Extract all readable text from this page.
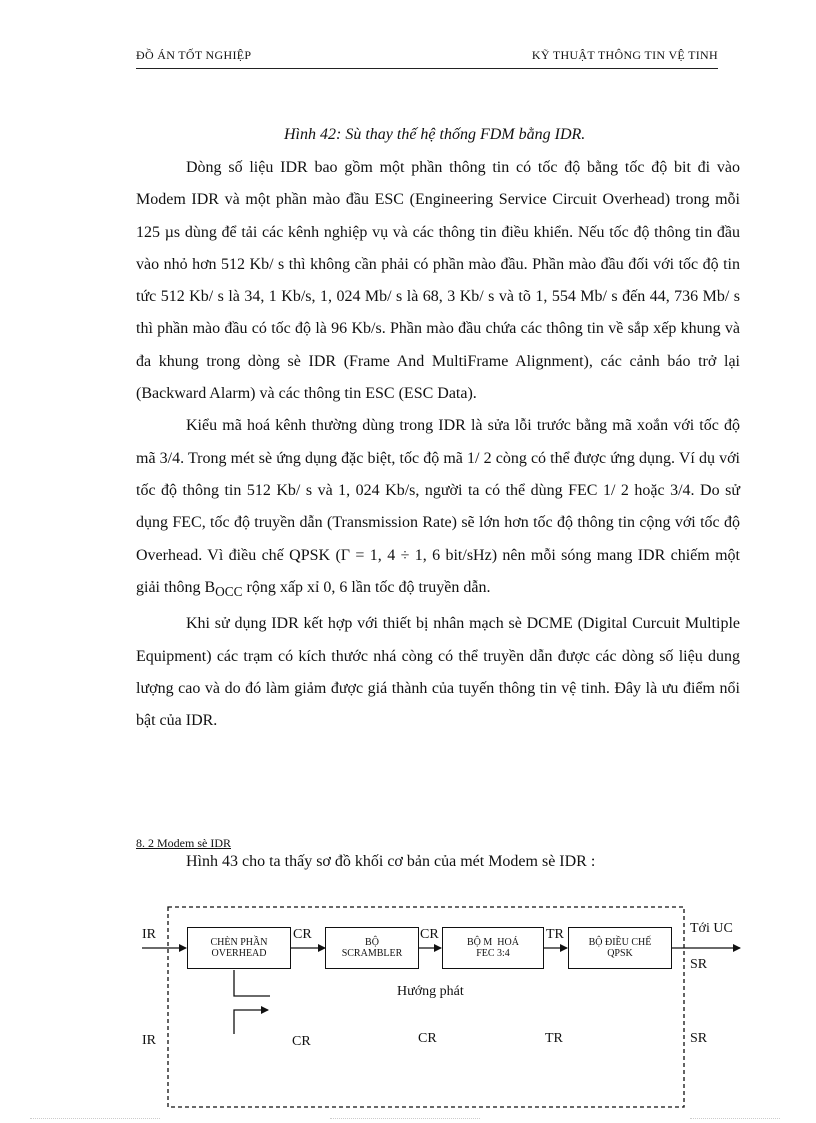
ĐỒ ÁN TỐT NGHIỆP	KỸ THUẬT THÔNG TIN VỆ TINH
Hình 42: Sù thay thế hệ thống FDM bằng IDR.

Dòng số liệu IDR bao gồm một phần thông tin có tốc độ bằng tốc độ bit đi vào Modem IDR và một phần mào đầu ESC (Engineering Service Circuit Overhead) trong mỗi 125 µs dùng để tải các kênh nghiệp vụ và các thông tin điều khiển. Nếu tốc độ thông tin đầu vào nhỏ hơn 512 Kb/ s thì không cần phải có phần mào đầu. Phần mào đầu đối với tốc độ tin tức 512 Kb/ s là 34, 1 Kb/s, 1, 024 Mb/ s là 68, 3 Kb/ s và tõ 1, 554 Mb/ s đến 44, 736 Mb/ s thì phần mào đầu có tốc độ là 96 Kb/s. Phần mào đầu chứa các thông tin về sắp xếp khung và đa khung trong dòng sè IDR (Frame And MultiFrame Alignment), các cảnh báo trở lại (Backward Alarm) và các thông tin ESC (ESC Data).

Kiểu mã hoá kênh thường dùng trong IDR là sửa lỗi trước bằng mã xoắn với tốc độ mã 3/4. Trong mét sè ứng dụng đặc biệt, tốc độ mã 1/ 2 còng có thể được ứng dụng. Ví dụ với tốc độ thông tin 512 Kb/ s và 1, 024 Kb/s, người ta có thể dùng FEC 1/ 2 hoặc 3/4. Do sử dụng FEC, tốc độ truyền dẫn (Transmission Rate) sẽ lớn hơn tốc độ thông tin cộng với tốc độ Overhead. Vì điều chế QPSK (Γ = 1, 4 ÷ 1, 6 bit/sHz) nên mỗi sóng mang IDR chiếm một giải thông $B_{OCC}$ rộng xấp xỉ 0, 6 lần tốc độ truyền dẫn.

Khi sử dụng IDR kết hợp với thiết bị nhân mạch sè DCME (Digital Curcuit Multiple Equipment) các trạm có kích thước nhá còng có thể truyền dẫn được các dòng số liệu dung lượng cao và do đó làm giảm được giá thành của tuyến thông tin vệ tinh. Đây là ưu điểm nổi bật của IDR.

8. 2 Modem sè IDR
Hình 43 cho ta thấy sơ đồ khối cơ bản của mét Modem sè IDR :
CHÈN PHẦN
OVERHEAD
BỘ
SCRAMBLER
BỘ M  HOÁ
FEC 3:4
BỘ ĐIỀU CHẾ
QPSK
IR	CR	CR	TR	Tới UC
SR
Hướng phát
IR	CR	CR	TR	SR
